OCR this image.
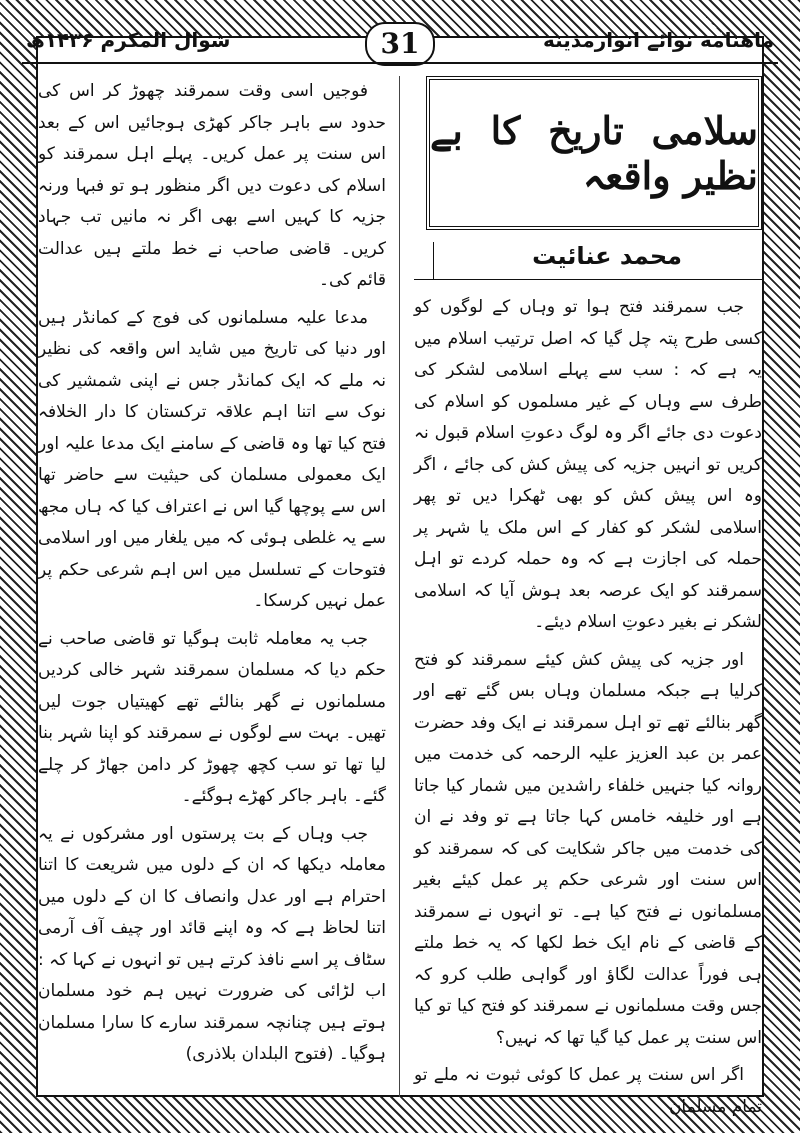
شوال المکرم ۱۴۳۶ھ	31	ماهنامه نوائے انوارمدینه
سلامی تاریخ کا بے نظیر واقعہ
محمد عنائیت

جب سمرقند فتح ہوا تو وہاں کے لوگوں کو کسی طرح پتہ چل گیا کہ اصل ترتیب اسلام میں یہ ہے کہ : سب سے پہلے اسلامی لشکر کی طرف سے وہاں کے غیر مسلموں کو اسلام کی دعوت دی جائے اگر وہ لوگ دعوتِ اسلام قبول نہ کریں تو انہیں جزیہ کی پیش کش کی جائے ، اگر وہ اس پیش کش کو بھی ٹھکرا دیں تو پھر اسلامی لشکر کو کفار کے اس ملک یا شہر پر حملہ کی اجازت ہے کہ وہ حملہ کردے تو اہل سمرقند کو ایک عرصہ بعد ہوش آیا کہ اسلامی لشکر نے بغیر دعوتِ اسلام دیئے۔

اور جزیہ کی پیش کش کیئے سمرقند کو فتح کرلیا ہے جبکہ مسلمان وہاں بس گئے تھے اور گھر بنالئے تھے تو اہل سمرقند نے ایک وفد حضرت عمر بن عبد العزیز علیہ الرحمہ کی خدمت میں روانہ کیا جنہیں خلفاء راشدین میں شمار کیا جاتا ہے اور خلیفہ خامس کہا جاتا ہے تو وفد نے ان کی خدمت میں جاکر شکایت کی کہ سمرقند کو اس سنت اور شرعی حکم پر عمل کیئے بغیر مسلمانوں نے فتح کیا ہے۔ تو انہوں نے سمرقند کے قاضی کے نام ایک خط لکھا کہ یہ خط ملتے ہی فوراً عدالت لگاؤ اور گواہی طلب کرو کہ جس وقت مسلمانوں نے سمرقند کو فتح کیا تو کیا اس سنت پر عمل کیا گیا تھا کہ نہیں؟

اگر اس سنت پر عمل کا کوئی ثبوت نہ ملے تو تمام مسلمان

فوجیں اسی وقت سمرقند چھوڑ کر اس کی حدود سے باہر جاکر کھڑی ہوجائیں اس کے بعد اس سنت پر عمل کریں۔ پہلے اہل سمرقند کو اسلام کی دعوت دیں اگر منظور ہو تو فبہا ورنہ جزیہ کا کہیں اسے بھی اگر نہ مانیں تب جہاد کریں۔ قاضی صاحب نے خط ملتے ہیں عدالت قائم کی۔

مدعا علیہ مسلمانوں کی فوج کے کمانڈر ہیں اور دنیا کی تاریخ میں شاید اس واقعہ کی نظیر نہ ملے کہ ایک کمانڈر جس نے اپنی شمشیر کی نوک سے اتنا اہم علاقہ ترکستان کا دار الخلافہ فتح کیا تھا وہ قاضی کے سامنے ایک مدعا علیہ اور ایک معمولی مسلمان کی حیثیت سے حاضر تھا اس سے پوچھا گیا اس نے اعتراف کیا کہ ہاں مجھ سے یہ غلطی ہوئی کہ میں یلغار میں اور اسلامی فتوحات کے تسلسل میں اس اہم شرعی حکم پر عمل نہیں کرسکا۔

جب یہ معاملہ ثابت ہوگیا تو قاضی صاحب نے حکم دیا کہ مسلمان سمرقند شہر خالی کردیں مسلمانوں نے گھر بنالئے تھے کھیتیاں جوت لیں تھیں۔ بہت سے لوگوں نے سمرقند کو اپنا شہر بنا لیا تھا تو سب کچھ چھوڑ کر دامن جھاڑ کر چلے گئے۔ باہر جاکر کھڑے ہوگئے۔

جب وہاں کے بت پرستوں اور مشرکوں نے یہ معاملہ دیکھا کہ ان کے دلوں میں شریعت کا اتنا احترام ہے اور عدل وانصاف کا ان کے دلوں میں اتنا لحاظ ہے کہ وہ اپنے قائد اور چیف آف آرمی سٹاف پر اسے نافذ کرتے ہیں تو انہوں نے کہا کہ : اب لڑائی کی ضرورت نہیں ہم خود مسلمان ہوتے ہیں چنانچہ سمرقند سارے کا سارا مسلمان ہوگیا۔ (فتوح البلدان بلاذری)
